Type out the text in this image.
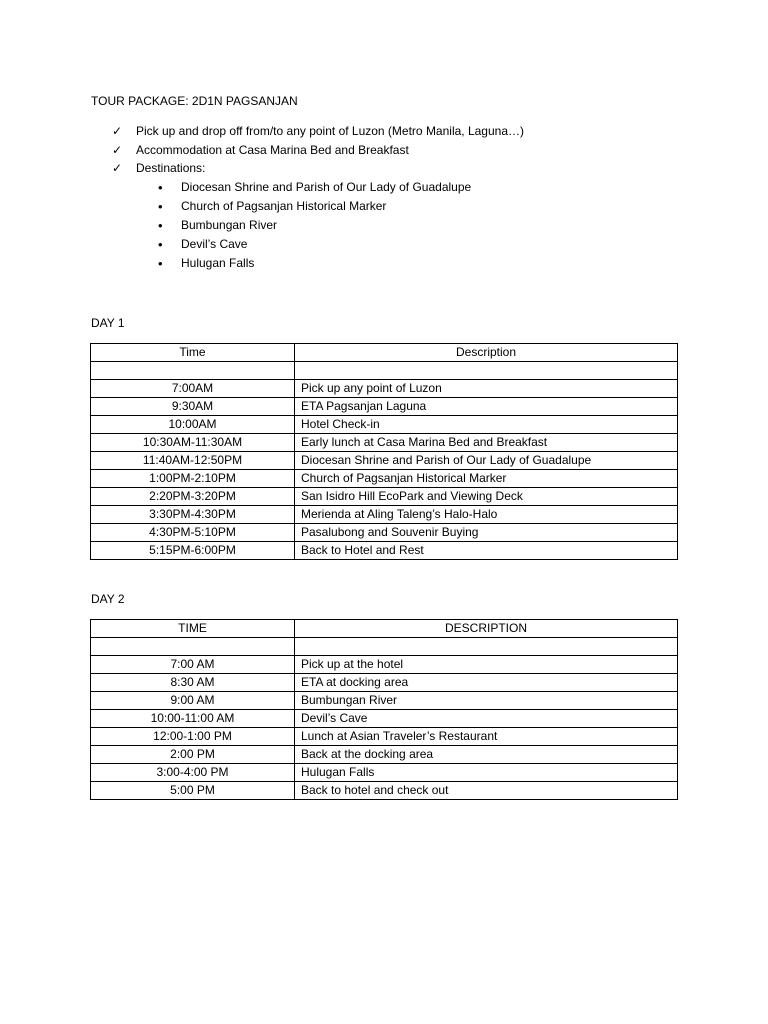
TOUR PACKAGE: 2D1N PAGSANJAN
✓	Pick up and drop off from/to any point of Luzon (Metro Manila, Laguna…)
✓	Accommodation at Casa Marina Bed and Breakfast
✓	Destinations:
•	Diocesan Shrine and Parish of Our Lady of Guadalupe
•	Church of Pagsanjan Historical Marker
•	Bumbungan River
•	Devil’s Cave
•	Hulugan Falls
DAY 1
Time	Description

7:00AM	Pick up any point of Luzon
9:30AM	ETA Pagsanjan Laguna
10:00AM	Hotel Check-in
10:30AM-11:30AM	Early lunch at Casa Marina Bed and Breakfast
11:40AM-12:50PM	Diocesan Shrine and Parish of Our Lady of Guadalupe
1:00PM-2:10PM	Church of Pagsanjan Historical Marker
2:20PM-3:20PM	San Isidro Hill EcoPark and Viewing Deck
3:30PM-4:30PM	Merienda at Aling Taleng’s Halo-Halo
4:30PM-5:10PM	Pasalubong and Souvenir Buying
5:15PM-6:00PM	Back to Hotel and Rest
DAY 2
TIME	DESCRIPTION

7:00 AM	Pick up at the hotel
8:30 AM	ETA at docking area
9:00 AM	Bumbungan River
10:00-11:00 AM	Devil’s Cave
12:00-1:00 PM	Lunch at Asian Traveler’s Restaurant
2:00 PM	Back at the docking area
3:00-4:00 PM	Hulugan Falls
5:00 PM	Back to hotel and check out
